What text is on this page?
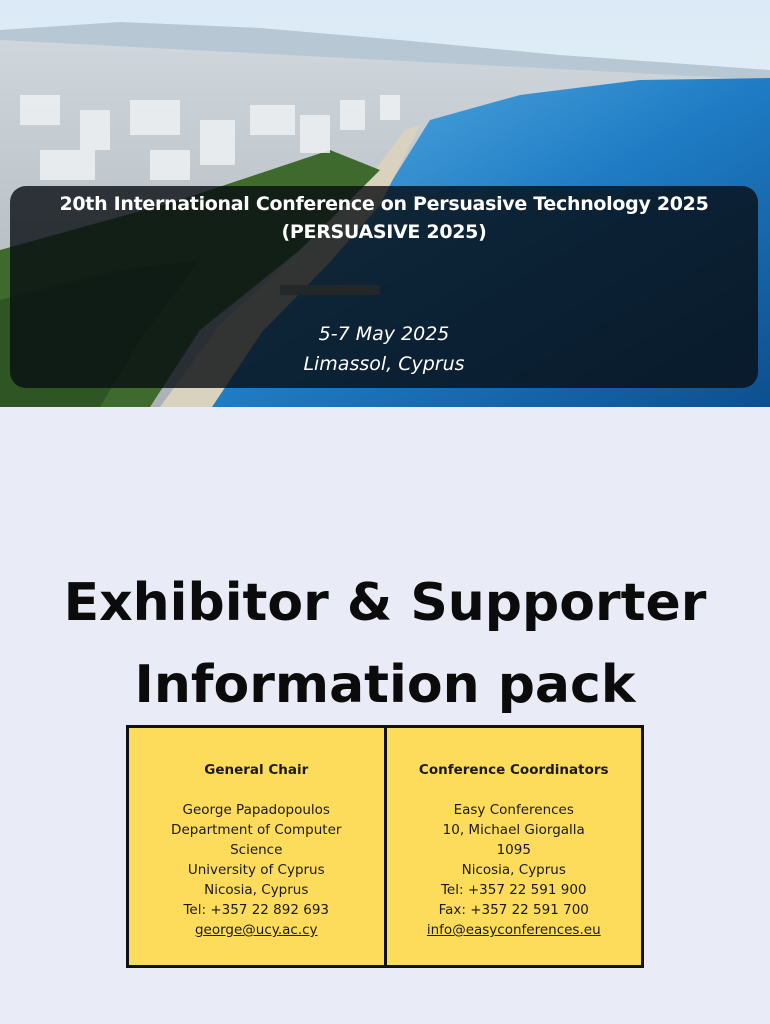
20th International Conference on Persuasive Technology 2025
(PERSUASIVE 2025)
5-7 May 2025
Limassol, Cyprus
Exhibitor & Supporter
Information pack
General Chair
George Papadopoulos
Department of Computer
Science
University of Cyprus
Nicosia, Cyprus
Tel: +357 22 892 693
george@ucy.ac.cy
Conference Coordinators
Easy Conferences
10, Michael Giorgalla
1095
Nicosia, Cyprus
Tel: +357 22 591 900
Fax: +357 22 591 700
info@easyconferences.eu
